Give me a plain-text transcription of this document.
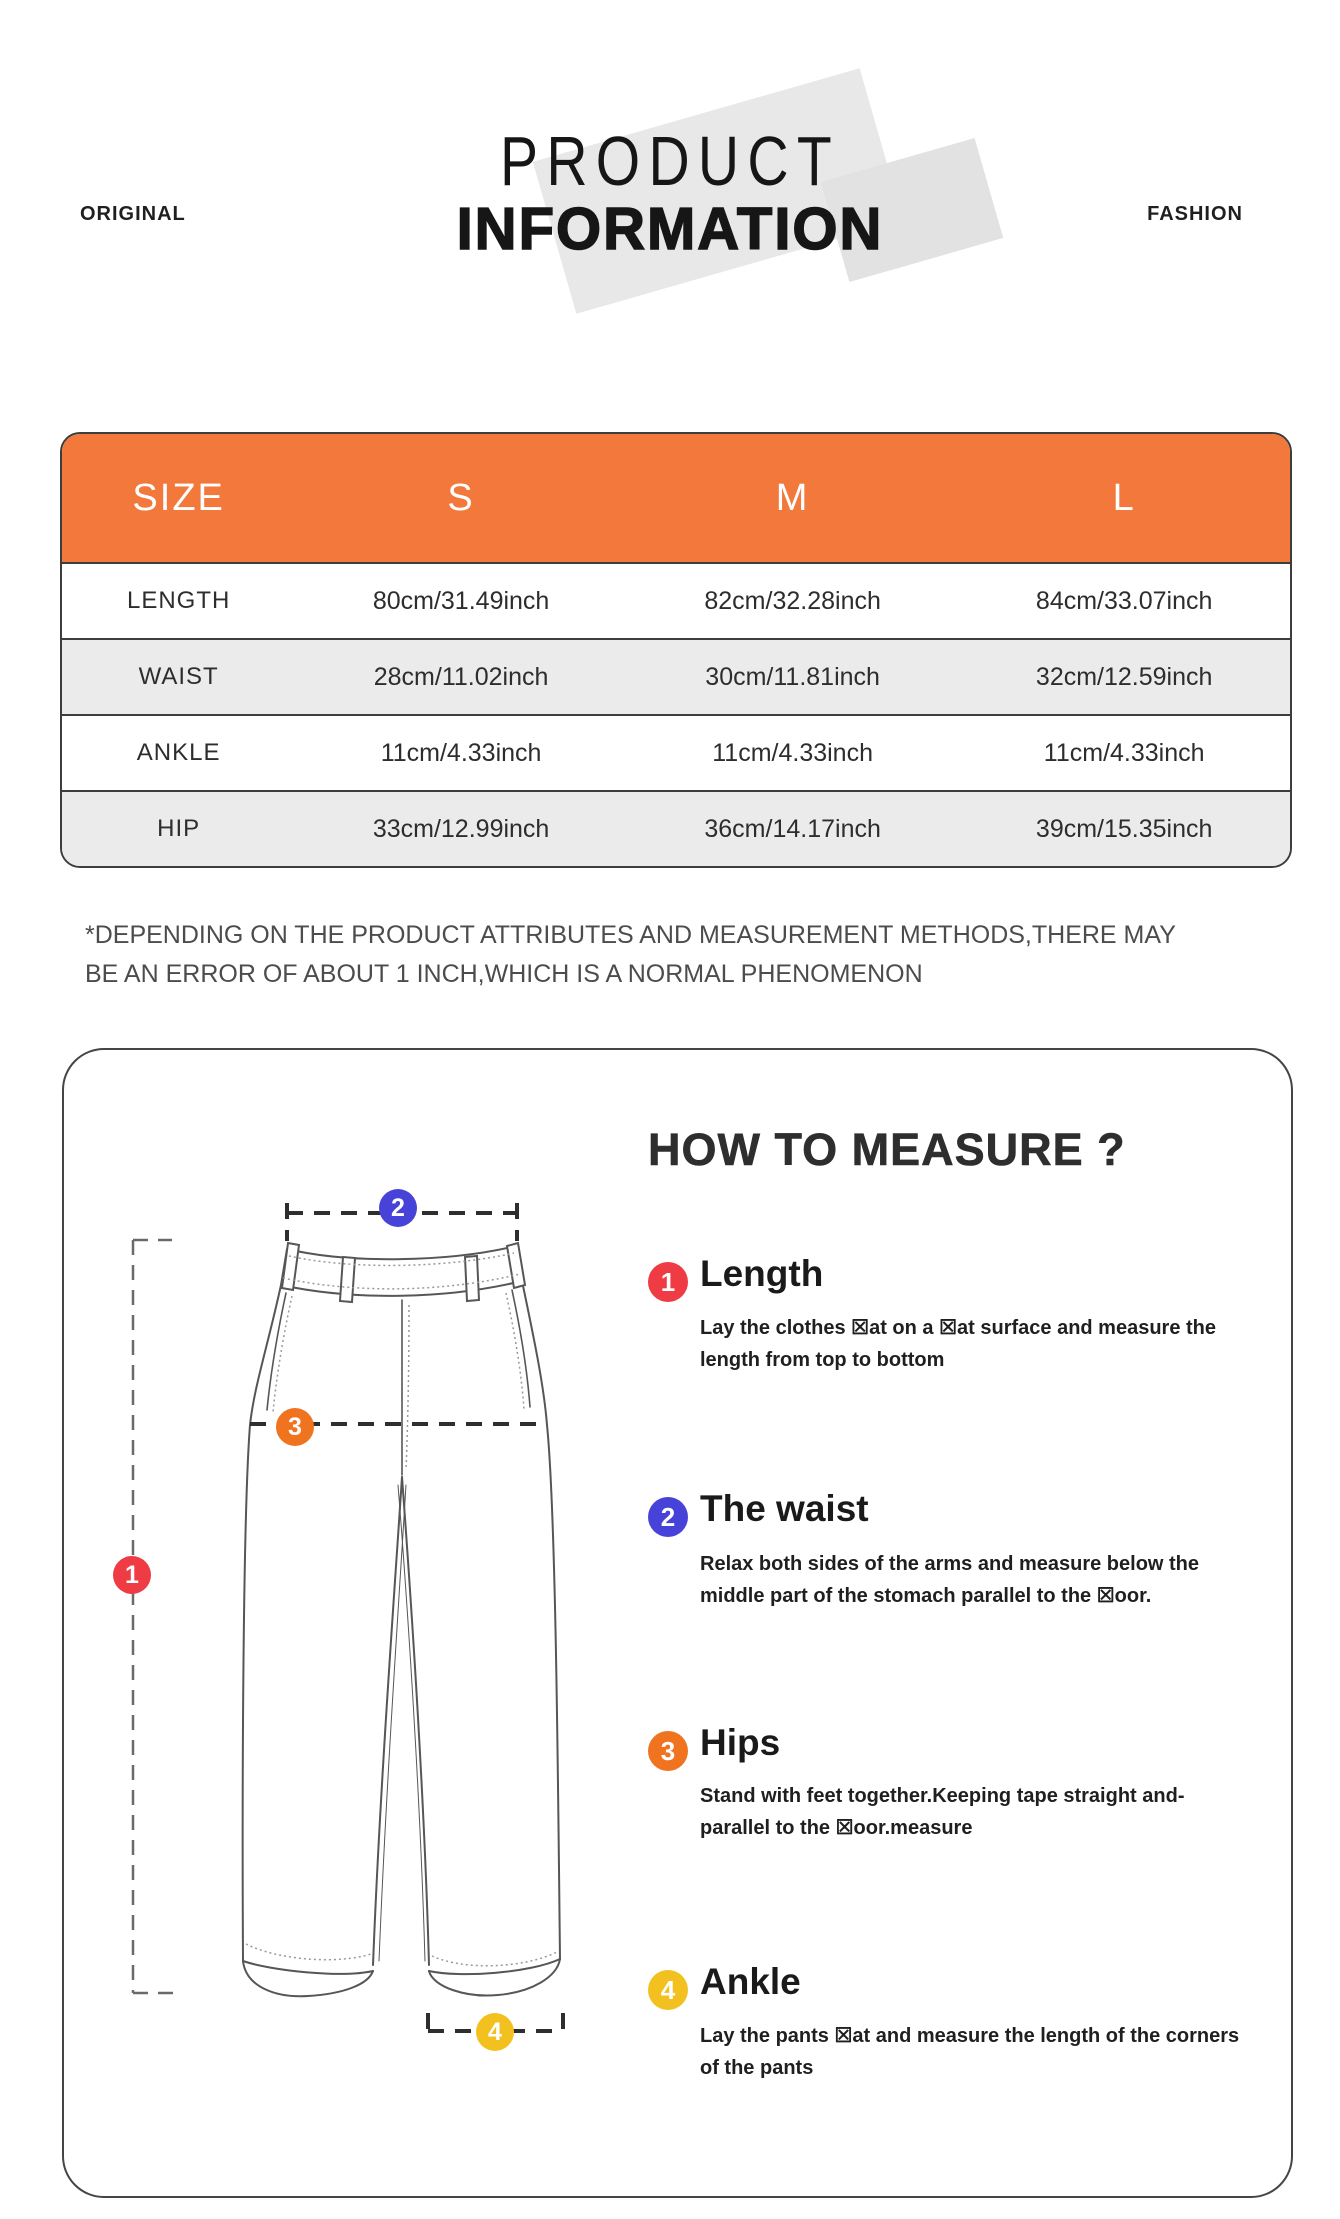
ORIGINAL	FASHION
PRODUCT
INFORMATION
SIZE	S	M	L
LENGTH	80cm/31.49inch	82cm/32.28inch	84cm/33.07inch
WAIST	28cm/11.02inch	30cm/11.81inch	32cm/12.59inch
ANKLE	11cm/4.33inch	11cm/4.33inch	11cm/4.33inch
HIP	33cm/12.99inch	36cm/14.17inch	39cm/15.35inch
*DEPENDING ON THE PRODUCT ATTRIBUTES AND MEASUREMENT METHODS,THERE MAY BE AN ERROR OF ABOUT 1 INCH,WHICH IS A NORMAL PHENOMENON
HOW TO MEASURE ?
2
1
3
4
1 Length
Lay the clothes ☒at on a ☒at surface and measure the length from top to bottom
2 The waist
Relax both sides of the arms and measure below the middle part of the stomach parallel to the ☒oor.
3 Hips
Stand with feet together.Keeping tape straight and-parallel to the ☒oor.measure
4 Ankle
Lay the pants ☒at and measure the length of the corners of the pants
